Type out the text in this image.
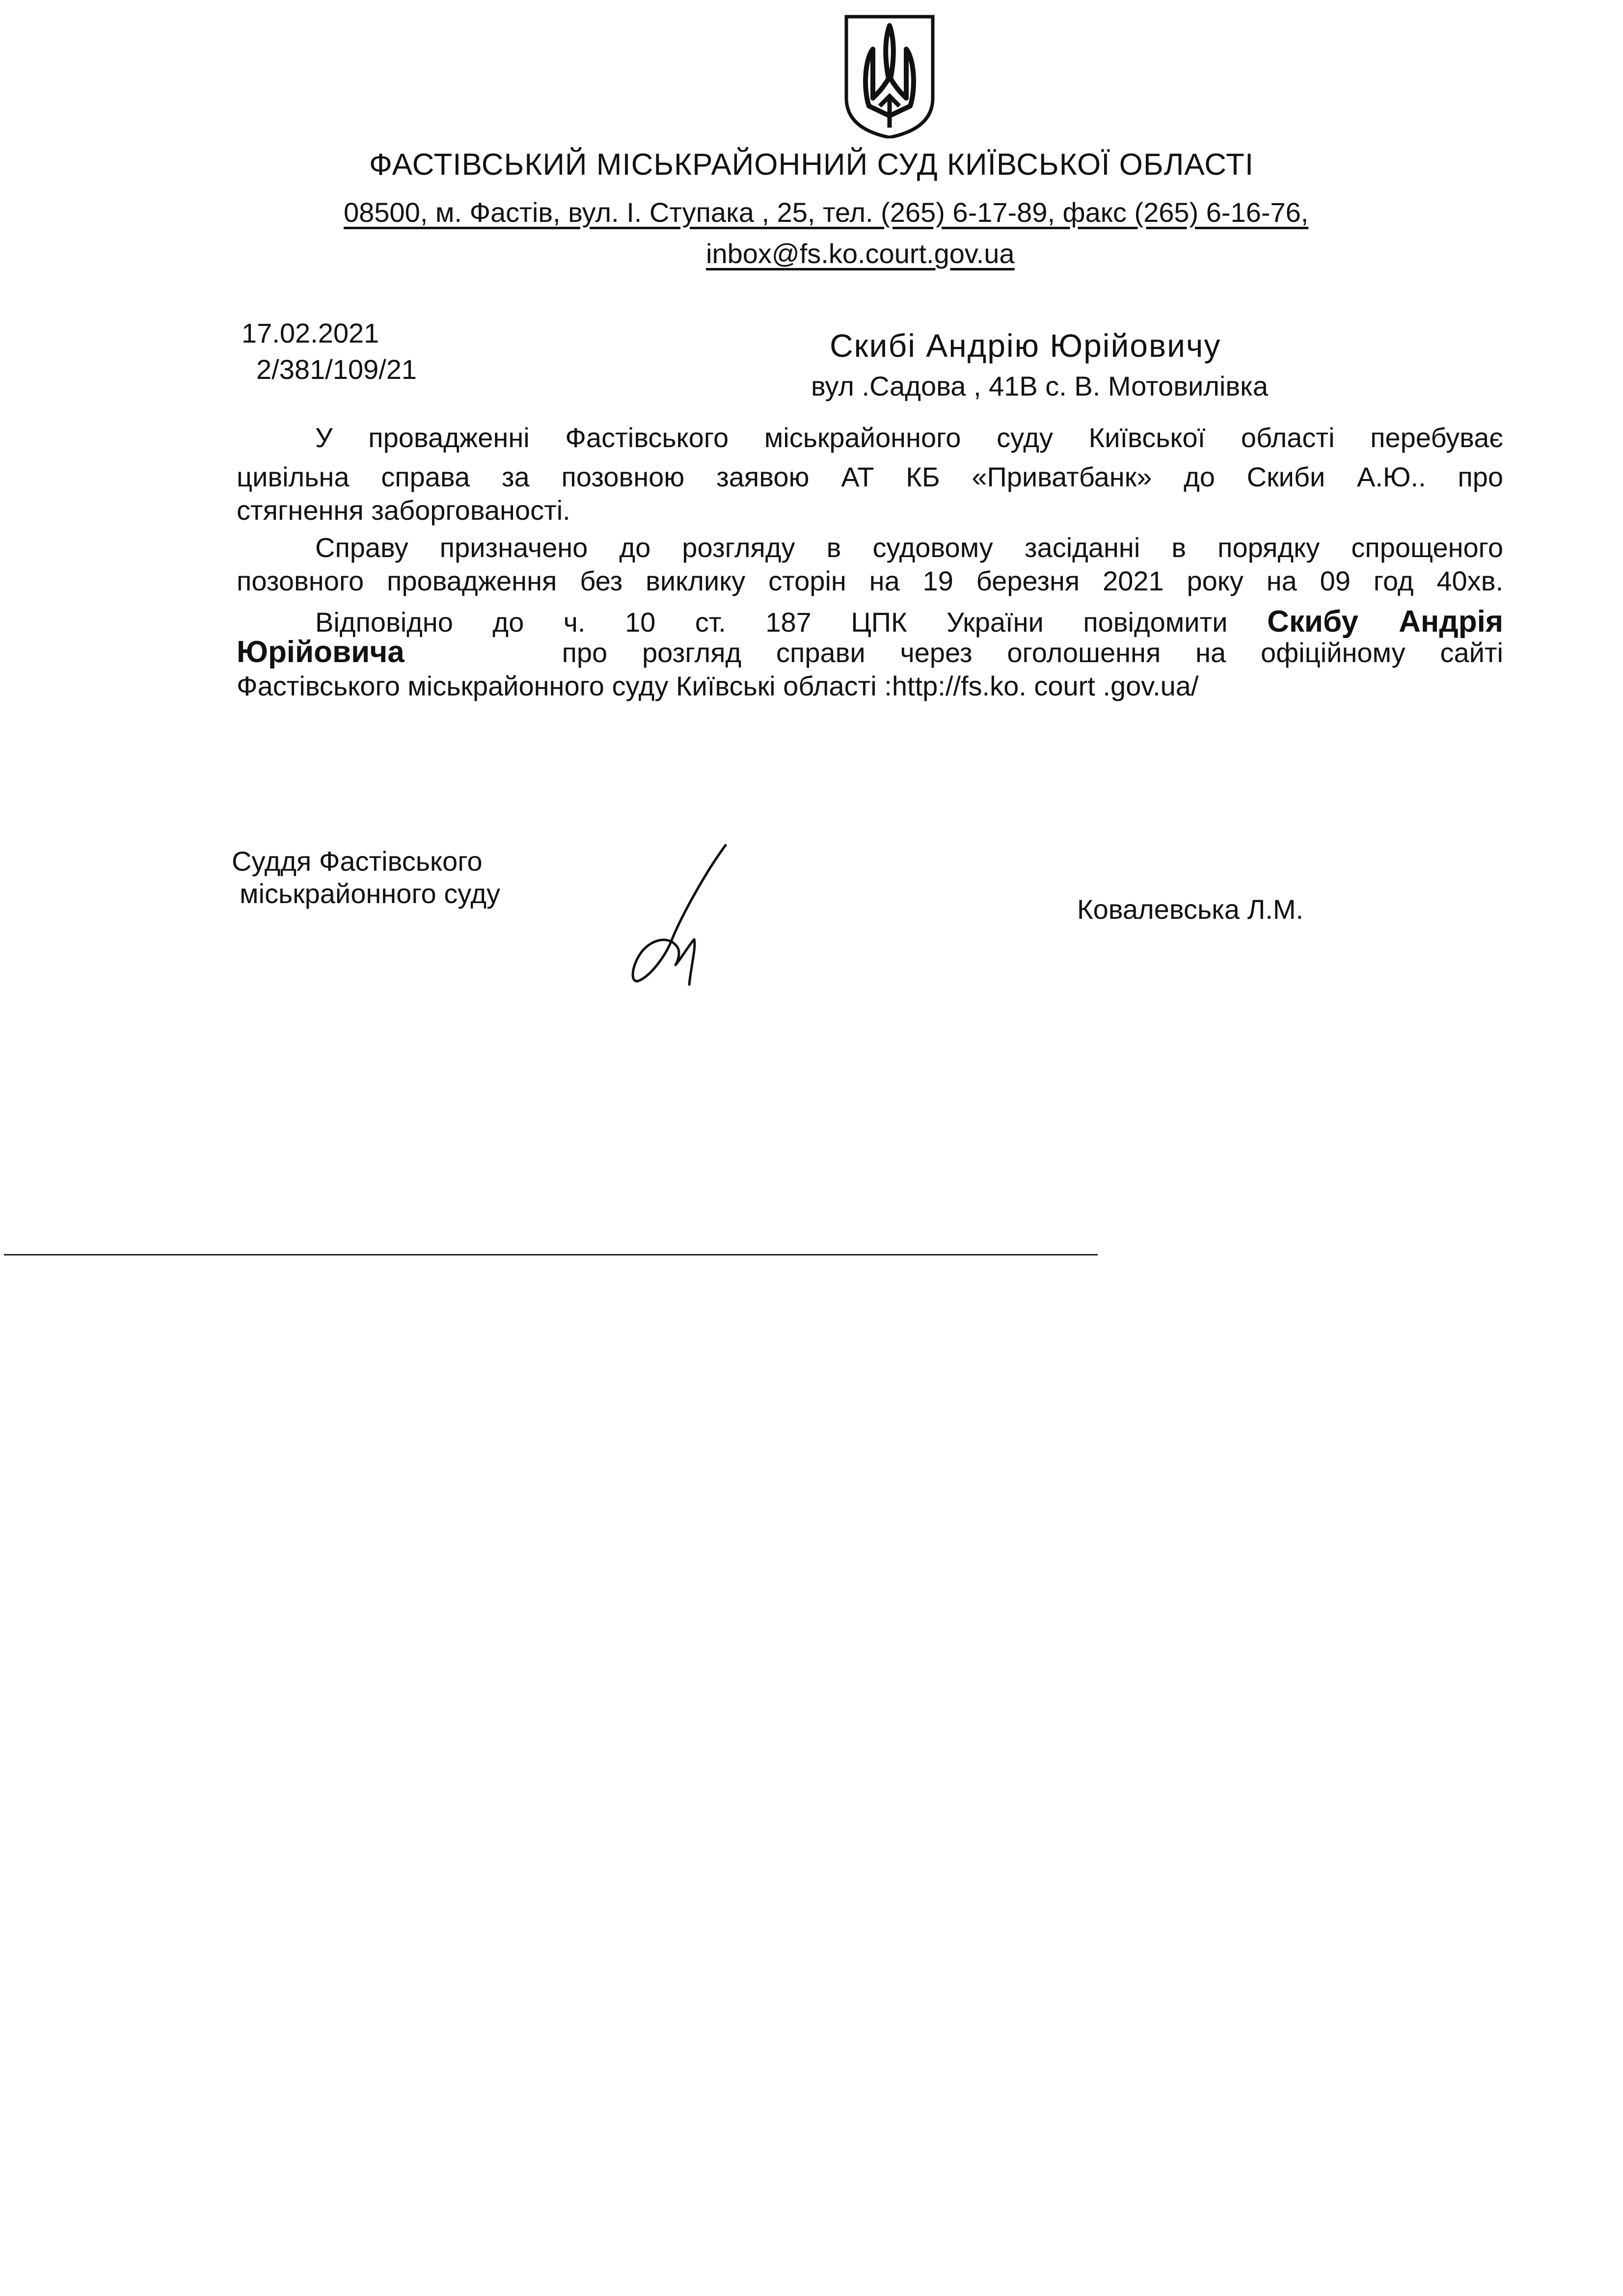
ФАСТІВСЬКИЙ МІСЬКРАЙОННИЙ СУД КИЇВСЬКОЇ ОБЛАСТІ
08500, м. Фастів, вул. І. Ступака , 25, тел. (265) 6-17-89, факс (265) 6-16-76,
inbox@fs.ko.court.gov.ua
17.02.2021
2/381/109/21
Скибі Андрію Юрійовичу
вул .Садова , 41В с. В. Мотовилівка
У провадженні Фастівського міськрайонного суду Київської області перебуває
цивільна справа за позовною заявою АТ КБ «Приватбанк» до Скиби А.Ю.. про
стягнення заборгованості.
Справу призначено до розгляду в судовому засіданні в порядку спрощеного
позовного провадження без виклику сторін на 19 березня 2021 року на 09 год 40хв.
Відповідно до ч. 10 ст. 187 ЦПК України повідомити Скибу Андрія
Юрійовича	про розгляд справи через оголошення на офіційному сайті
Фастівського міськрайонного суду Київські області :http://fs.ko. court .gov.ua/
Суддя Фастівського
міськрайонного суду
Ковалевська Л.М.
